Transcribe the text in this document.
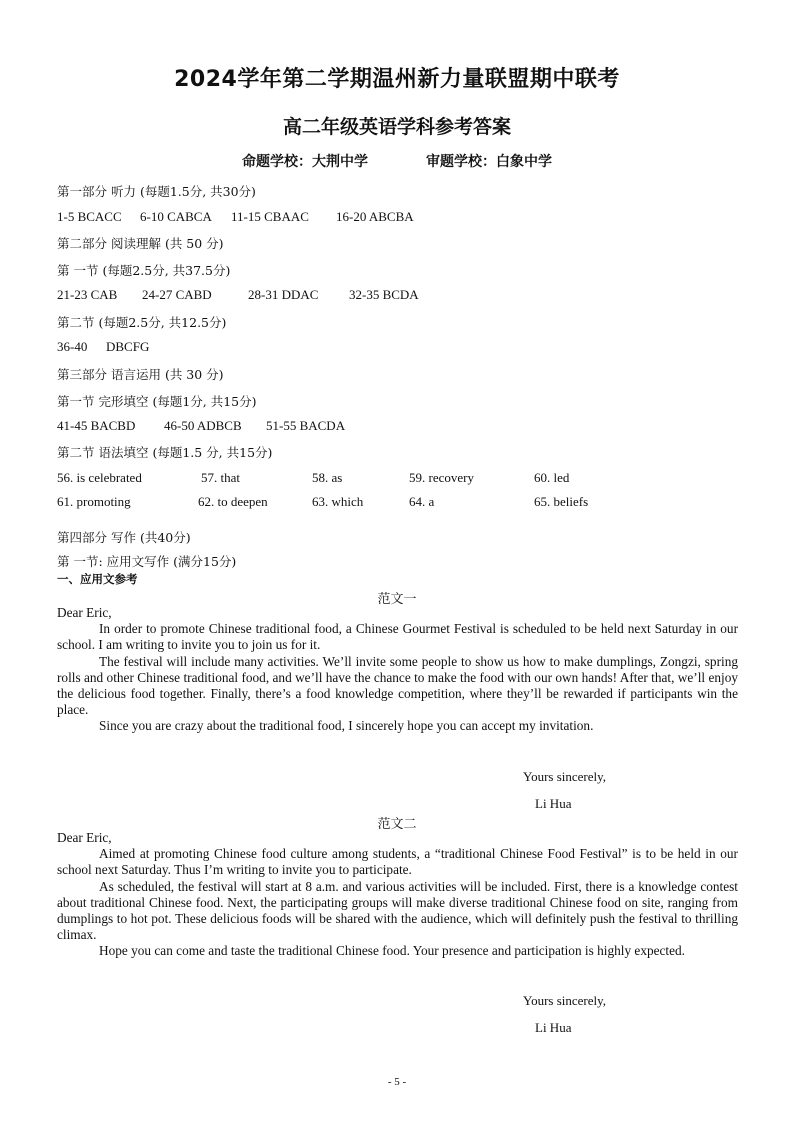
2024学年第二学期温州新力量联盟期中联考
高二年级英语学科参考答案
命题学校：大荆中学	审题学校：白象中学
第一部分 听力 (每题1.5分, 共30分)
1-5 BCACC 6-10 CABCA 11-15 CBAAC 16-20 ABCBA
第二部分 阅读理解 (共 50 分)
第 一节 (每题2.5分, 共37.5分)
21-23 CAB 24-27 CABD	28-31 DDAC 32-35 BCDA
第二节 (每题2.5分, 共12.5分)
36-40 DBCFG
第三部分 语言运用 (共 30 分)
第一节 完形填空 (每题1分, 共15分)
41-45 BACBD 46-50 ADBCB 51-55 BACDA
第二节 语法填空 (每题1.5 分, 共15分)
56. is celebrated	57. that	58. as	59. recovery	60. led
61. promoting	62. to deepen	63. which	64. a	65. beliefs
第四部分 写作 (共40分)
第 一节: 应用文写作 (满分15分)
一、应用文参考
范文一

Dear Eric,

In order to promote Chinese traditional food, a Chinese Gourmet Festival is scheduled to be held next Saturday in our school. I am writing to invite you to join us for it.

The festival will include many activities. We’ll invite some people to show us how to make dumplings, Zongzi, spring rolls and other Chinese traditional food, and we’ll have the chance to make the food with our own hands! After that, we’ll enjoy the delicious food together. Finally, there’s a food knowledge competition, where they’ll be rewarded if participants win the place.

Since you are crazy about the traditional food, I sincerely hope you can accept my invitation.

Yours sincerely,
Li Hua
范文二

Dear Eric,

Aimed at promoting Chinese food culture among students, a “traditional Chinese Food Festival” is to be held in our school next Saturday. Thus I’m writing to invite you to participate.

As scheduled, the festival will start at 8 a.m. and various activities will be included. First, there is a knowledge contest about traditional Chinese food. Next, the participating groups will make diverse traditional Chinese food on site, ranging from dumplings to hot pot. These delicious foods will be shared with the audience, which will definitely push the festival to thrilling climax.

Hope you can come and taste the traditional Chinese food. Your presence and participation is highly expected.

Yours sincerely,
Li Hua
- 5 -
